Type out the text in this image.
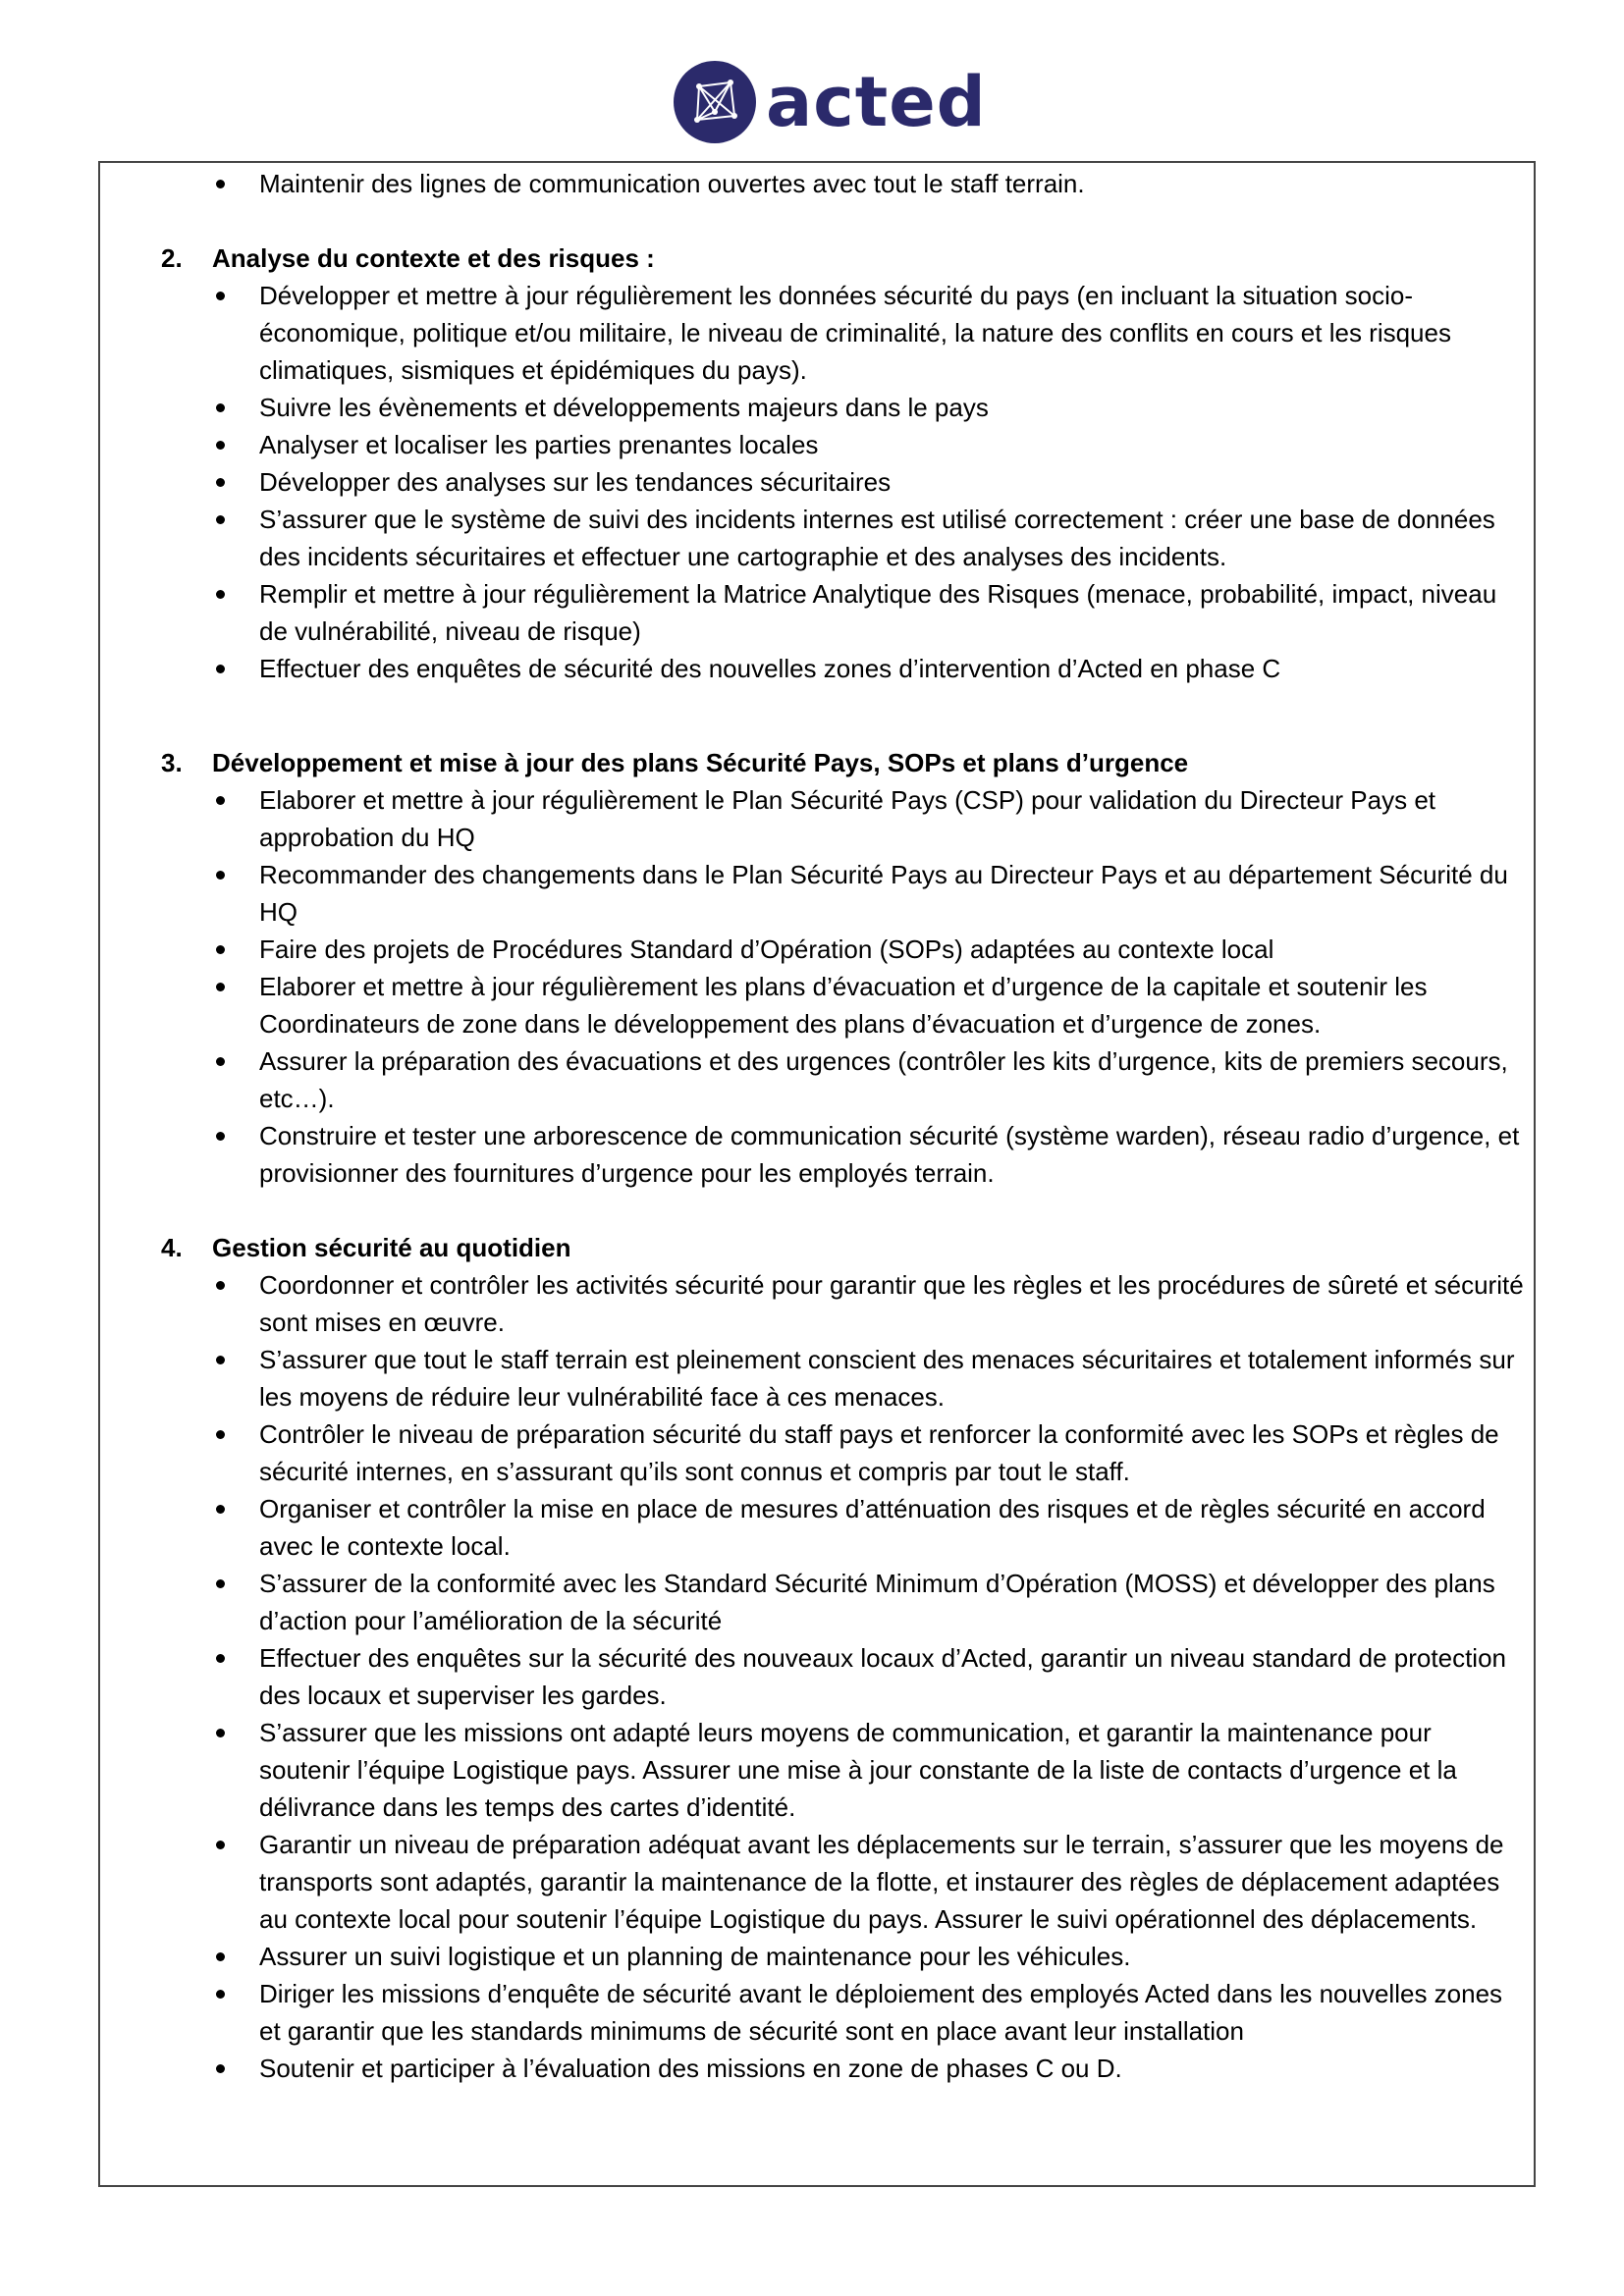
acted
Maintenir des lignes de communication ouvertes avec tout le staff terrain.
2.	Analyse du contexte et des risques :
Développer et mettre à jour régulièrement les données sécurité du pays (en incluant la situation socio-économique, politique et/ou militaire, le niveau de criminalité, la nature des conflits en cours et les risques climatiques, sismiques et épidémiques du pays).
Suivre les évènements et développements majeurs dans le pays
Analyser et localiser les parties prenantes locales
Développer des analyses sur les tendances sécuritaires
S’assurer que le système de suivi des incidents internes est utilisé correctement : créer une base de données des incidents sécuritaires et effectuer une cartographie et des analyses des incidents.
Remplir et mettre à jour régulièrement la Matrice Analytique des Risques (menace, probabilité, impact, niveau de vulnérabilité, niveau de risque)
Effectuer des enquêtes de sécurité des nouvelles zones d’intervention d’Acted en phase C
3.	Développement et mise à jour des plans Sécurité Pays, SOPs et plans d’urgence
Elaborer et mettre à jour régulièrement le Plan Sécurité Pays (CSP) pour validation du Directeur Pays et approbation du HQ
Recommander des changements dans le Plan Sécurité Pays au Directeur Pays et au département Sécurité du HQ
Faire des projets de Procédures Standard d’Opération (SOPs) adaptées au contexte local
Elaborer et mettre à jour régulièrement les plans d’évacuation et d’urgence de la capitale et soutenir les Coordinateurs de zone dans le développement des plans d’évacuation et d’urgence de zones.
Assurer la préparation des évacuations et des urgences (contrôler les kits d’urgence, kits de premiers secours, etc…).
Construire et tester une arborescence de communication sécurité (système warden), réseau radio d’urgence, et provisionner des fournitures d’urgence pour les employés terrain.
4.	Gestion sécurité au quotidien
Coordonner et contrôler les activités sécurité pour garantir que les règles et les procédures de sûreté et sécurité sont mises en œuvre.
S’assurer que tout le staff terrain est pleinement conscient des menaces sécuritaires et totalement informés sur les moyens de réduire leur vulnérabilité face à ces menaces.
Contrôler le niveau de préparation sécurité du staff pays et renforcer la conformité avec les SOPs et règles de sécurité internes, en s’assurant qu’ils sont connus et compris par tout le staff.
Organiser et contrôler la mise en place de mesures d’atténuation des risques et de règles sécurité en accord avec le contexte local.
S’assurer de la conformité avec les Standard Sécurité Minimum d’Opération (MOSS) et développer des plans d’action pour l’amélioration de la sécurité
Effectuer des enquêtes sur la sécurité des nouveaux locaux d’Acted, garantir un niveau standard de protection des locaux et superviser les gardes.
S’assurer que les missions ont adapté leurs moyens de communication, et garantir la maintenance pour soutenir l’équipe Logistique pays. Assurer une mise à jour constante de la liste de contacts d’urgence et la délivrance dans les temps des cartes d’identité.
Garantir un niveau de préparation adéquat avant les déplacements sur le terrain, s’assurer que les moyens de transports sont adaptés, garantir la maintenance de la flotte, et instaurer des règles de déplacement adaptées au contexte local pour soutenir l’équipe Logistique du pays. Assurer le suivi opérationnel des déplacements.
Assurer un suivi logistique et un planning de maintenance pour les véhicules.
Diriger les missions d’enquête de sécurité avant le déploiement des employés Acted dans les nouvelles zones et garantir que les standards minimums de sécurité sont en place avant leur installation
Soutenir et participer à l’évaluation des missions en zone de phases C ou D.
